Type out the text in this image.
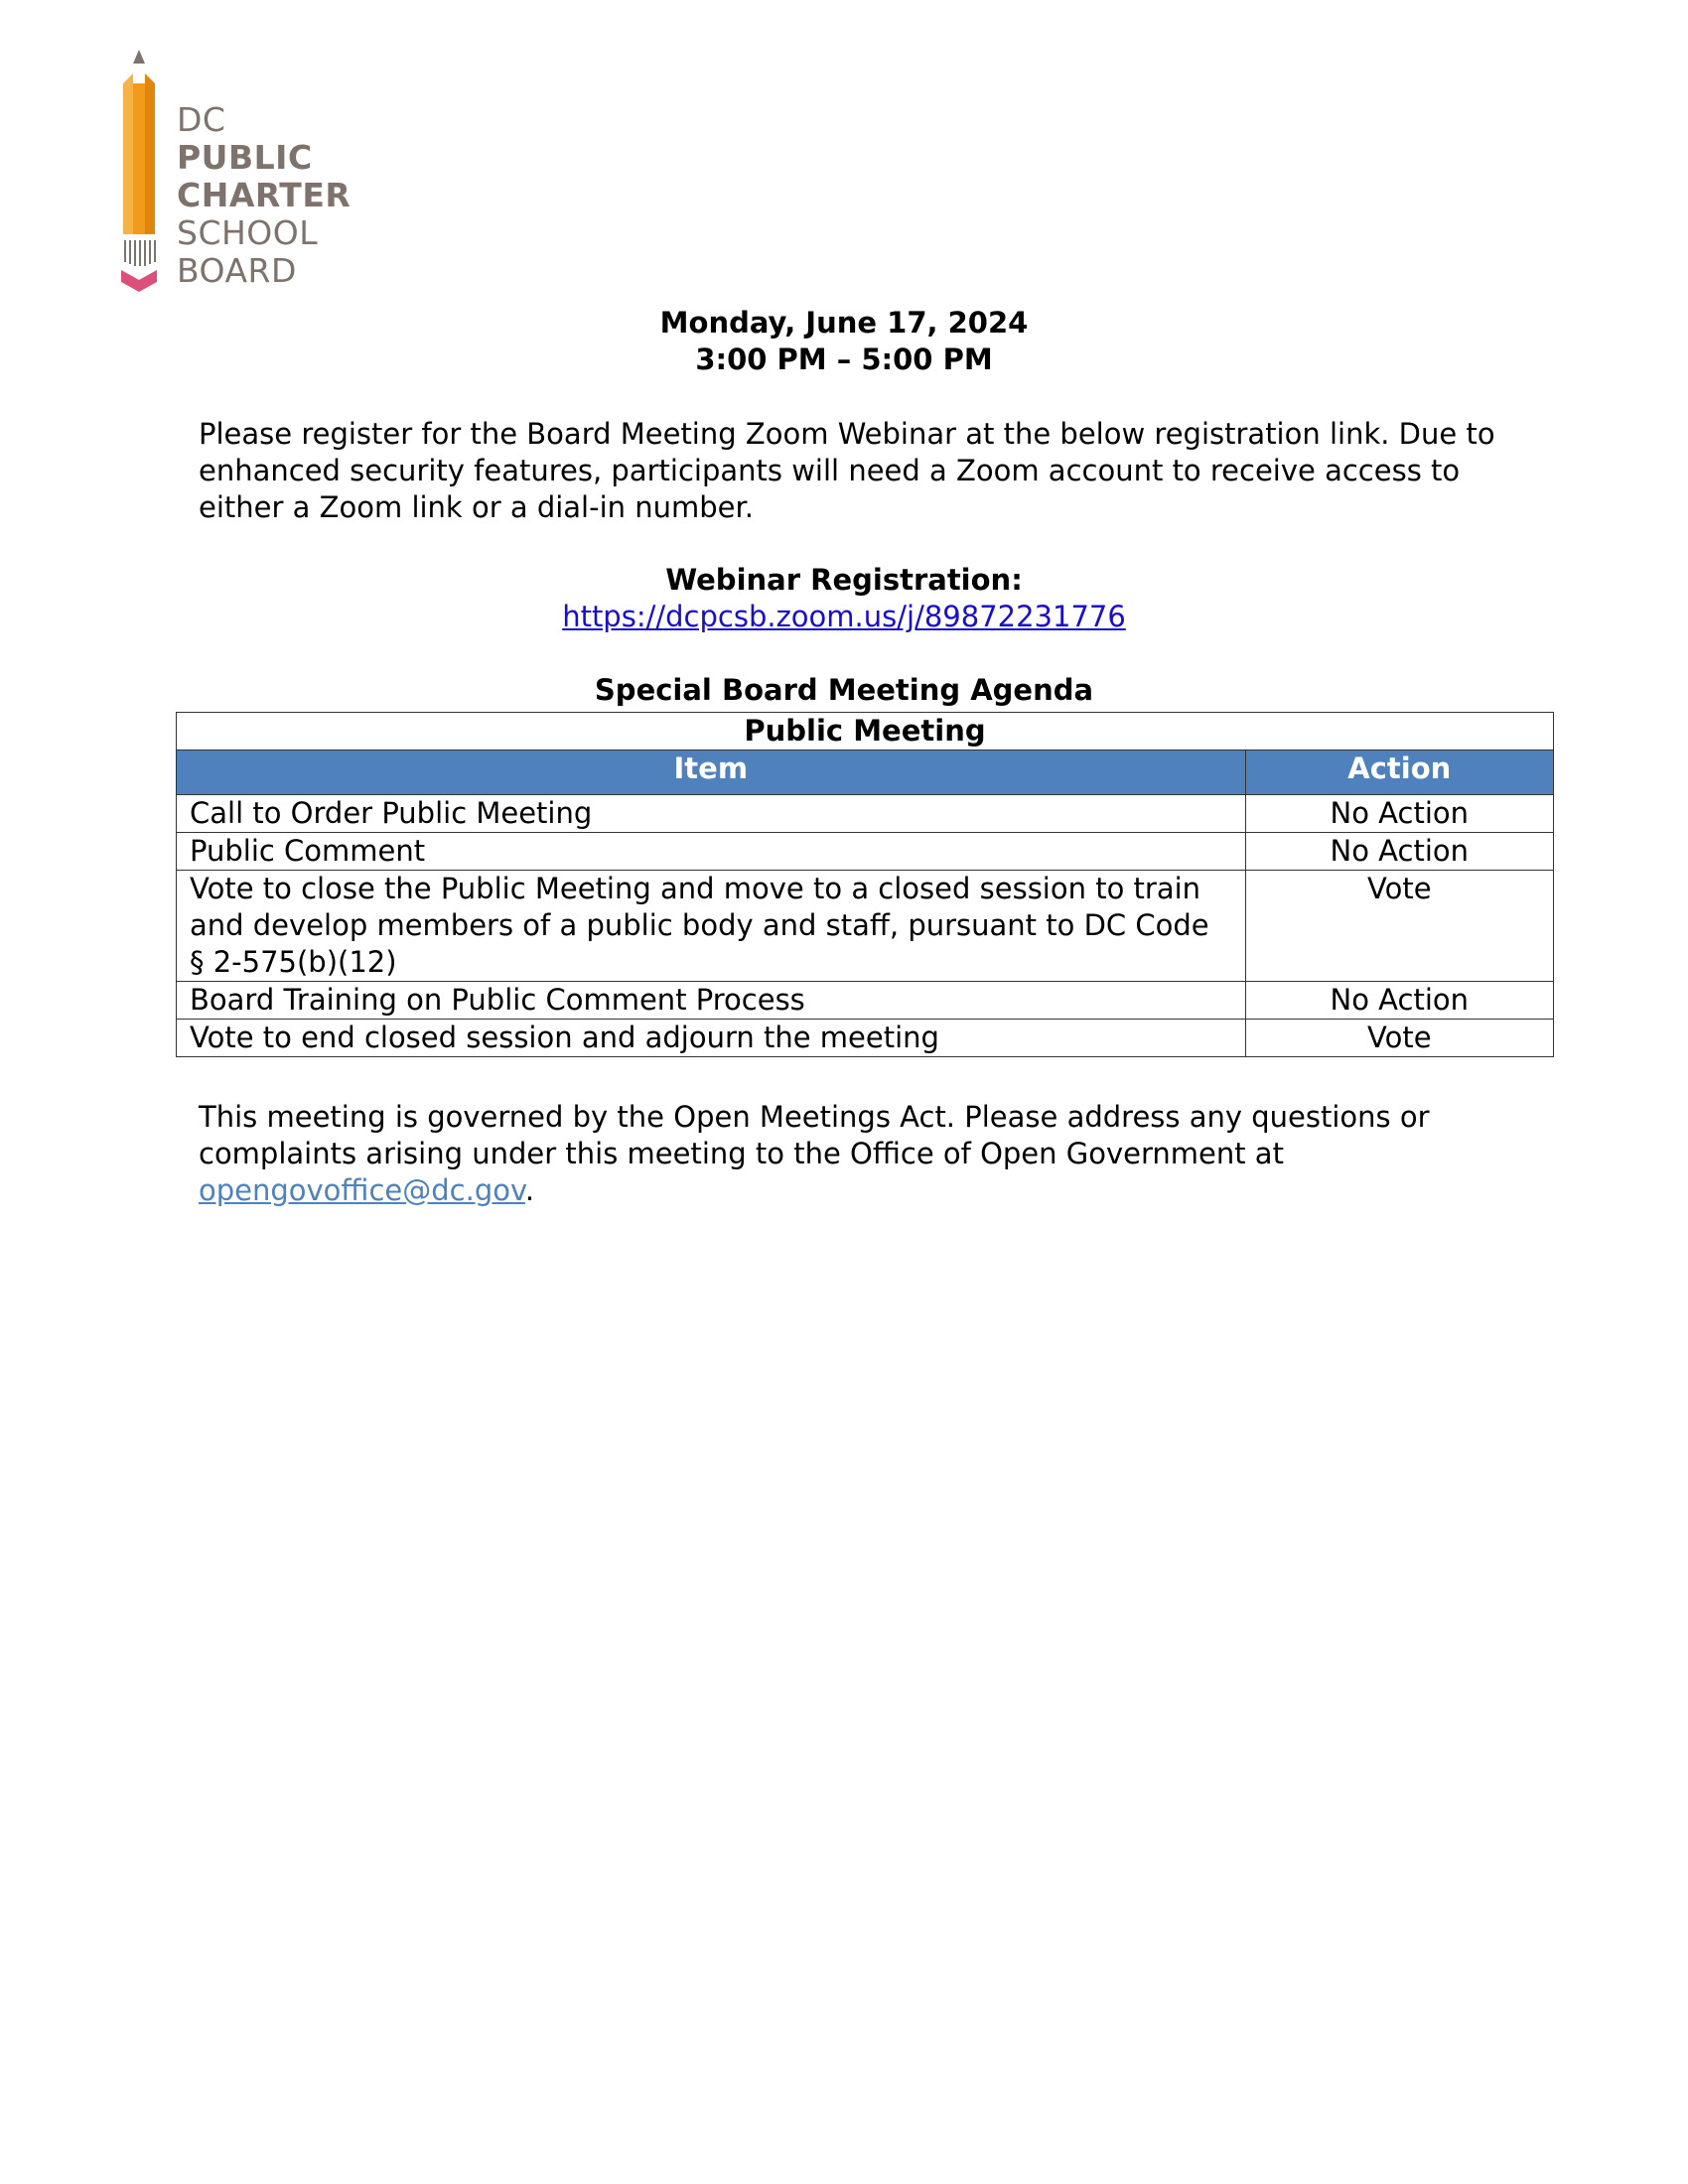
DC
PUBLIC
CHARTER
SCHOOL
BOARD
Monday, June 17, 2024
3:00 PM – 5:00 PM
Please register for the Board Meeting Zoom Webinar at the below registration link. Due to enhanced security features, participants will need a Zoom account to receive access to either a Zoom link or a dial-in number.
Webinar Registration:
https://dcpcsb.zoom.us/j/89872231776
Special Board Meeting Agenda
Public Meeting	
Item	Action
Call to Order Public Meeting	No Action
Public Comment	No Action
Vote to close the Public Meeting and move to a closed session to train and develop members of a public body and staff, pursuant to DC Code § 2-575(b)(12)	Vote
Board Training on Public Comment Process	No Action
Vote to end closed session and adjourn the meeting	Vote
This meeting is governed by the Open Meetings Act. Please address any questions or complaints arising under this meeting to the Office of Open Government at opengovoffice@dc.gov.
